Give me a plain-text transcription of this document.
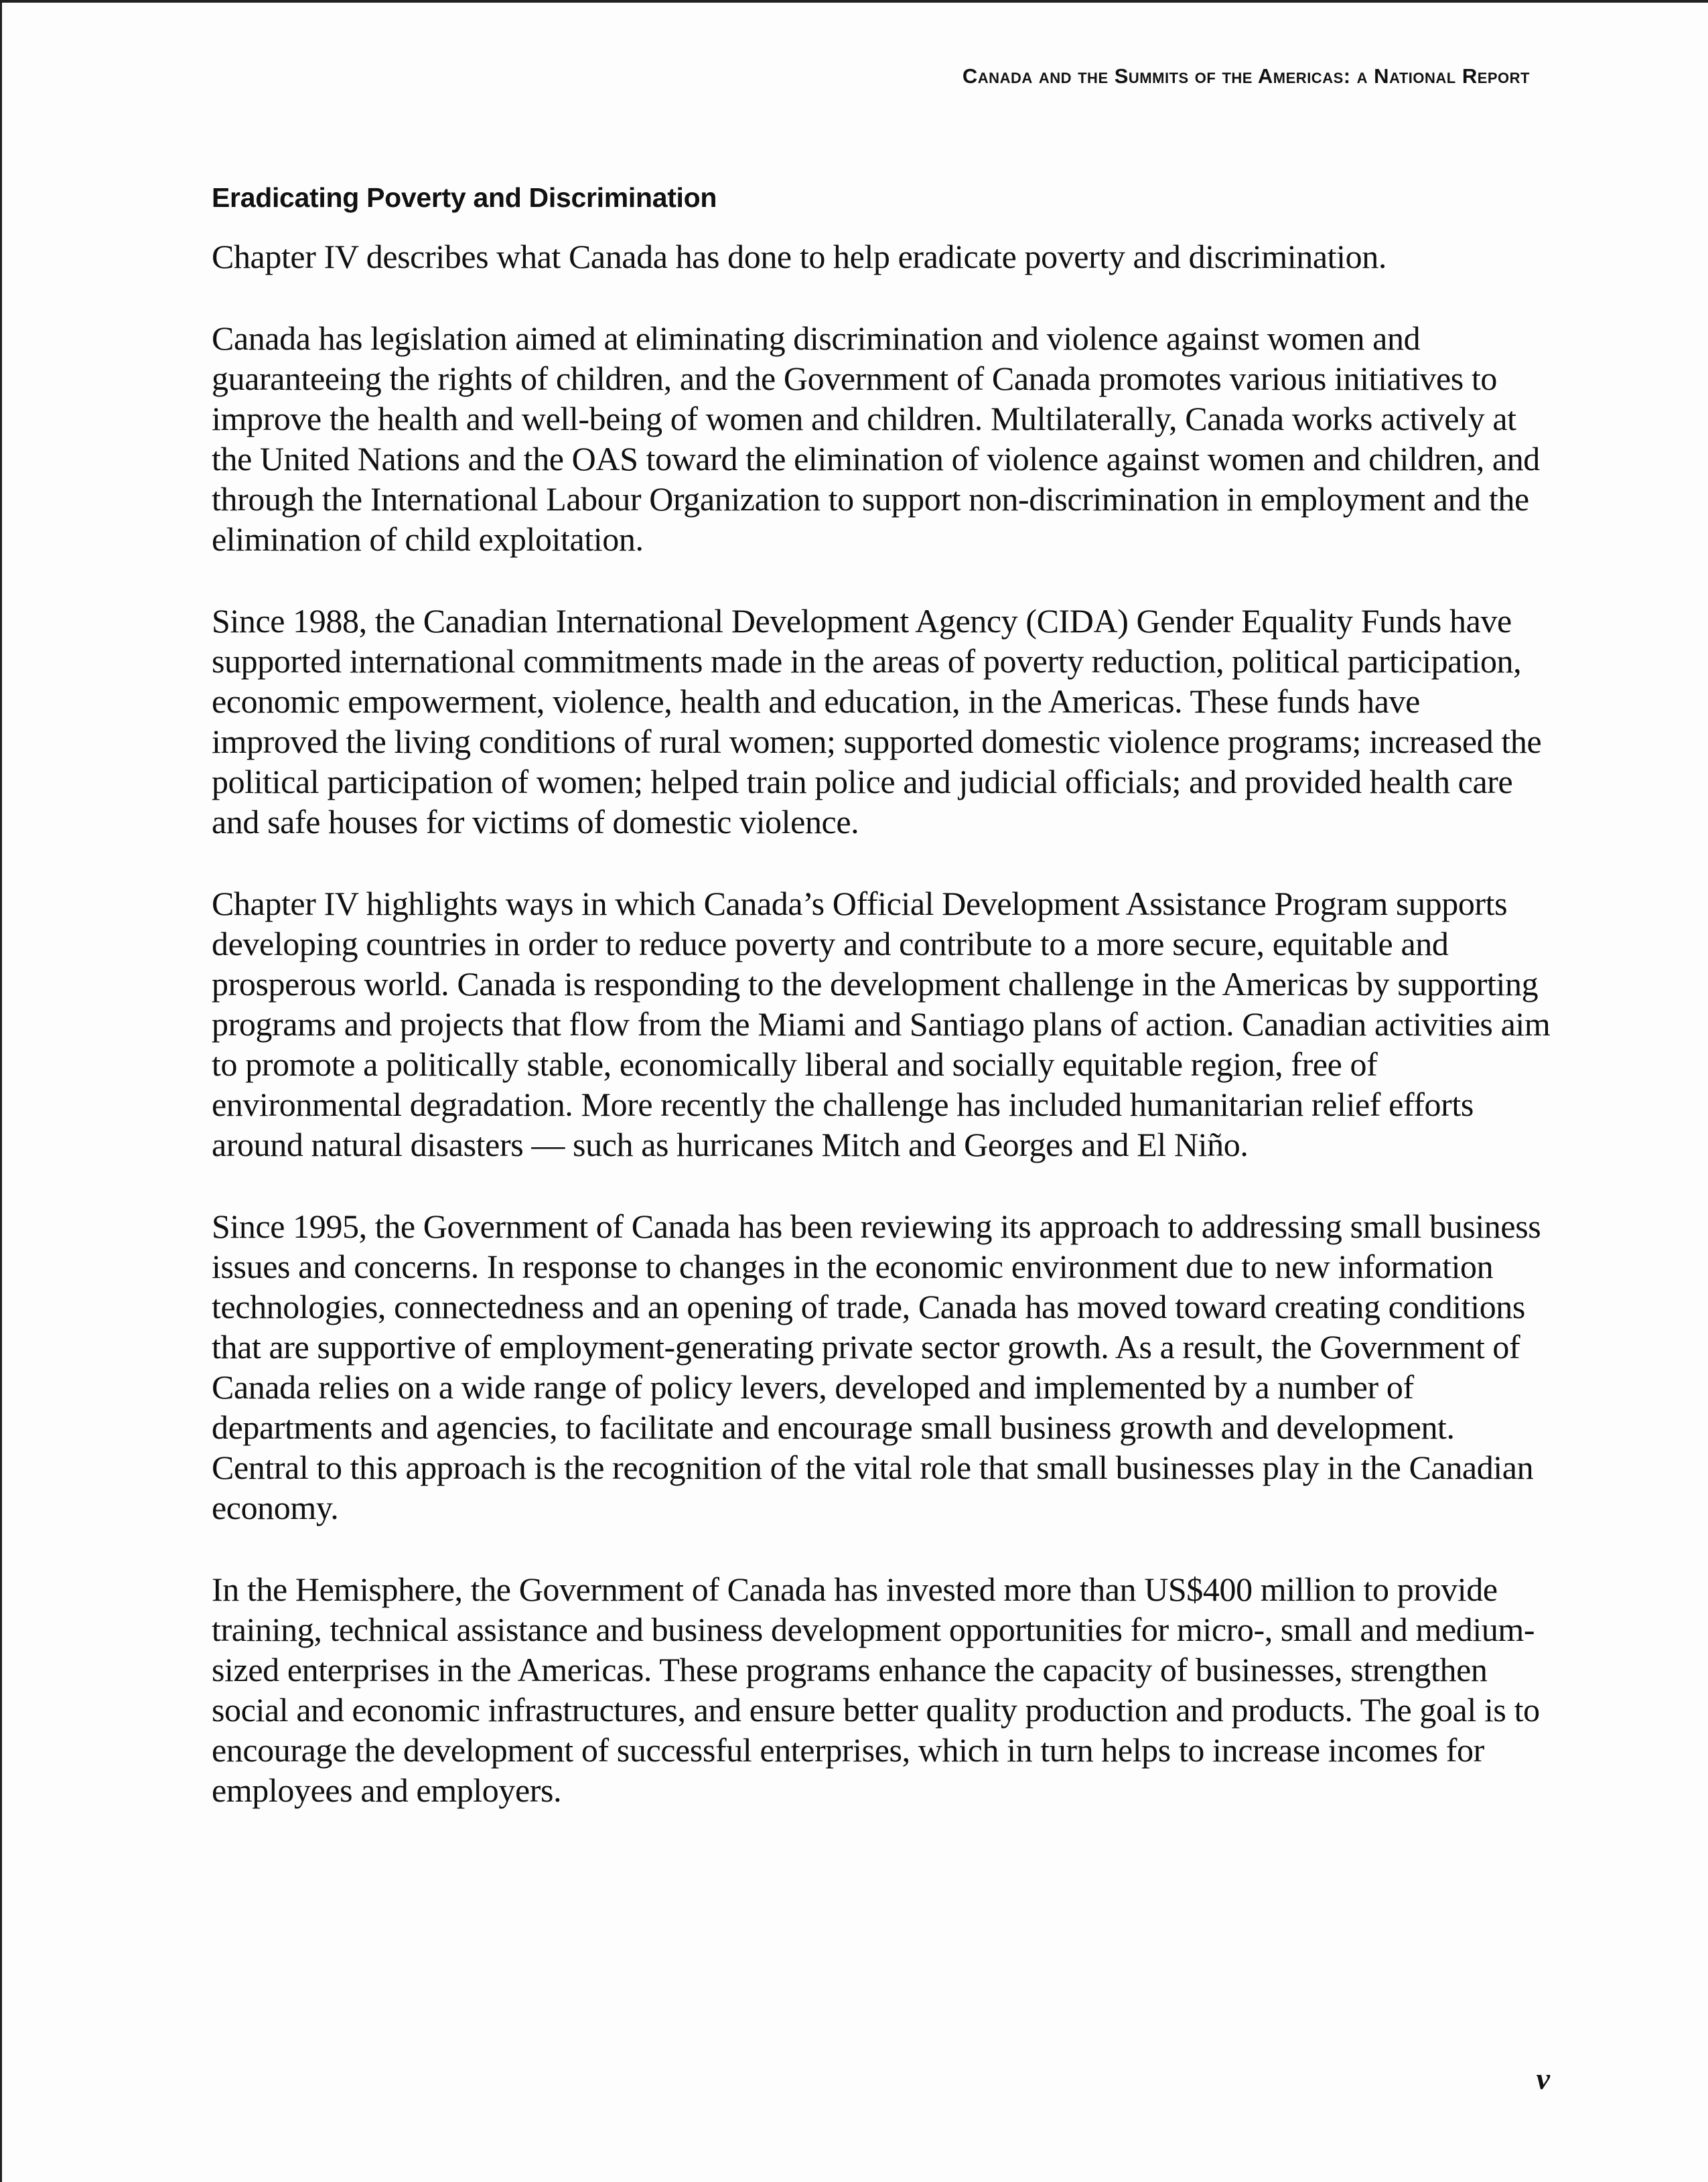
Canada and the Summits of the Americas: a National Report
Eradicating Poverty and Discrimination

Chapter IV describes what Canada has done to help eradicate poverty and discrimination.

Canada has legislation aimed at eliminating discrimination and violence against women and guaranteeing the rights of children, and the Government of Canada promotes various initiatives to improve the health and well-being of women and children. Multilaterally, Canada works actively at the United Nations and the OAS toward the elimination of violence against women and children, and through the International Labour Organization to support non-discrimination in employment and the elimination of child exploitation.

Since 1988, the Canadian International Development Agency (CIDA) Gender Equality Funds have supported international commitments made in the areas of poverty reduction, political participation, economic empowerment, violence, health and education, in the Americas. These funds have improved the living conditions of rural women; supported domestic violence programs; increased the political participation of women; helped train police and judicial officials; and provided health care and safe houses for victims of domestic violence.

Chapter IV highlights ways in which Canada’s Official Development Assistance Program supports developing countries in order to reduce poverty and contribute to a more secure, equitable and prosperous world. Canada is responding to the development challenge in the Americas by supporting programs and projects that flow from the Miami and Santiago plans of action. Canadian activities aim to promote a politically stable, economically liberal and socially equitable region, free of environmental degradation. More recently the challenge has included humanitarian relief efforts around natural disasters — such as hurricanes Mitch and Georges and El Niño.

Since 1995, the Government of Canada has been reviewing its approach to addressing small business issues and concerns. In response to changes in the economic environment due to new information technologies, connectedness and an opening of trade, Canada has moved toward creating conditions that are supportive of employment-generating private sector growth. As a result, the Government of Canada relies on a wide range of policy levers, developed and implemented by a number of departments and agencies, to facilitate and encourage small business growth and development. Central to this approach is the recognition of the vital role that small businesses play in the Canadian economy.

In the Hemisphere, the Government of Canada has invested more than US$400 million to provide training, technical assistance and business development opportunities for micro-, small and medium-sized enterprises in the Americas. These programs enhance the capacity of businesses, strengthen social and economic infrastructures, and ensure better quality production and products. The goal is to encourage the development of successful enterprises, which in turn helps to increase incomes for employees and employers.

v
